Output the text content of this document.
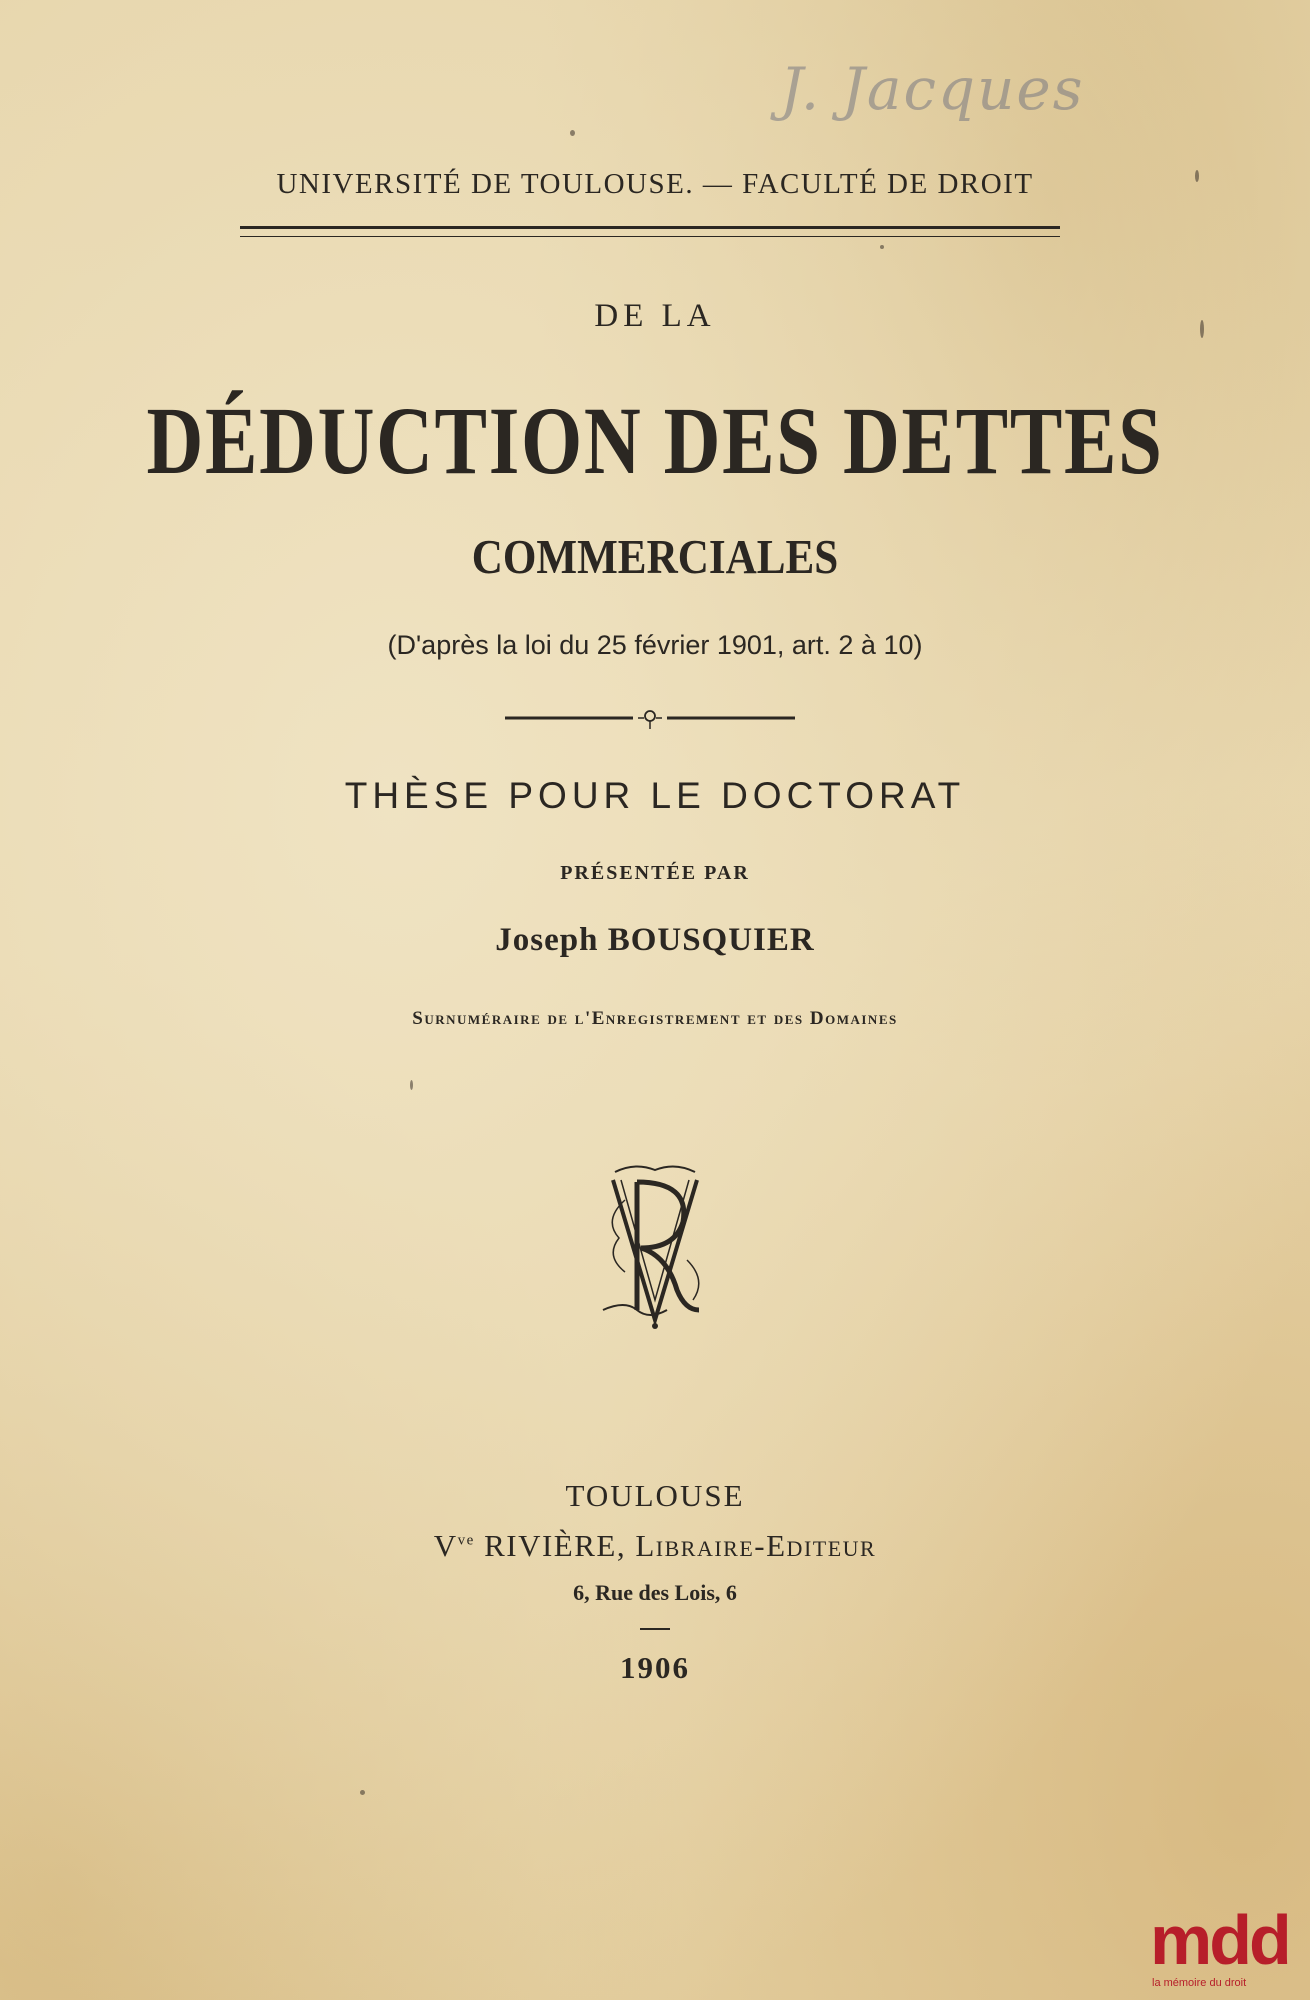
J. Jacques
UNIVERSITÉ DE TOULOUSE. — FACULTÉ DE DROIT
DE LA
DÉDUCTION DES DETTES
COMMERCIALES
(D'après la loi du 25 février 1901, art. 2 à 10)
THÈSE POUR LE DOCTORAT
PRÉSENTÉE PAR
Joseph BOUSQUIER
Surnuméraire de l'Enregistrement et des Domaines
TOULOUSE
$V^{ve}$ RIVIÈRE, Libraire-Editeur
6, Rue des Lois, 6
1906
mdd
la mémoire du droit
